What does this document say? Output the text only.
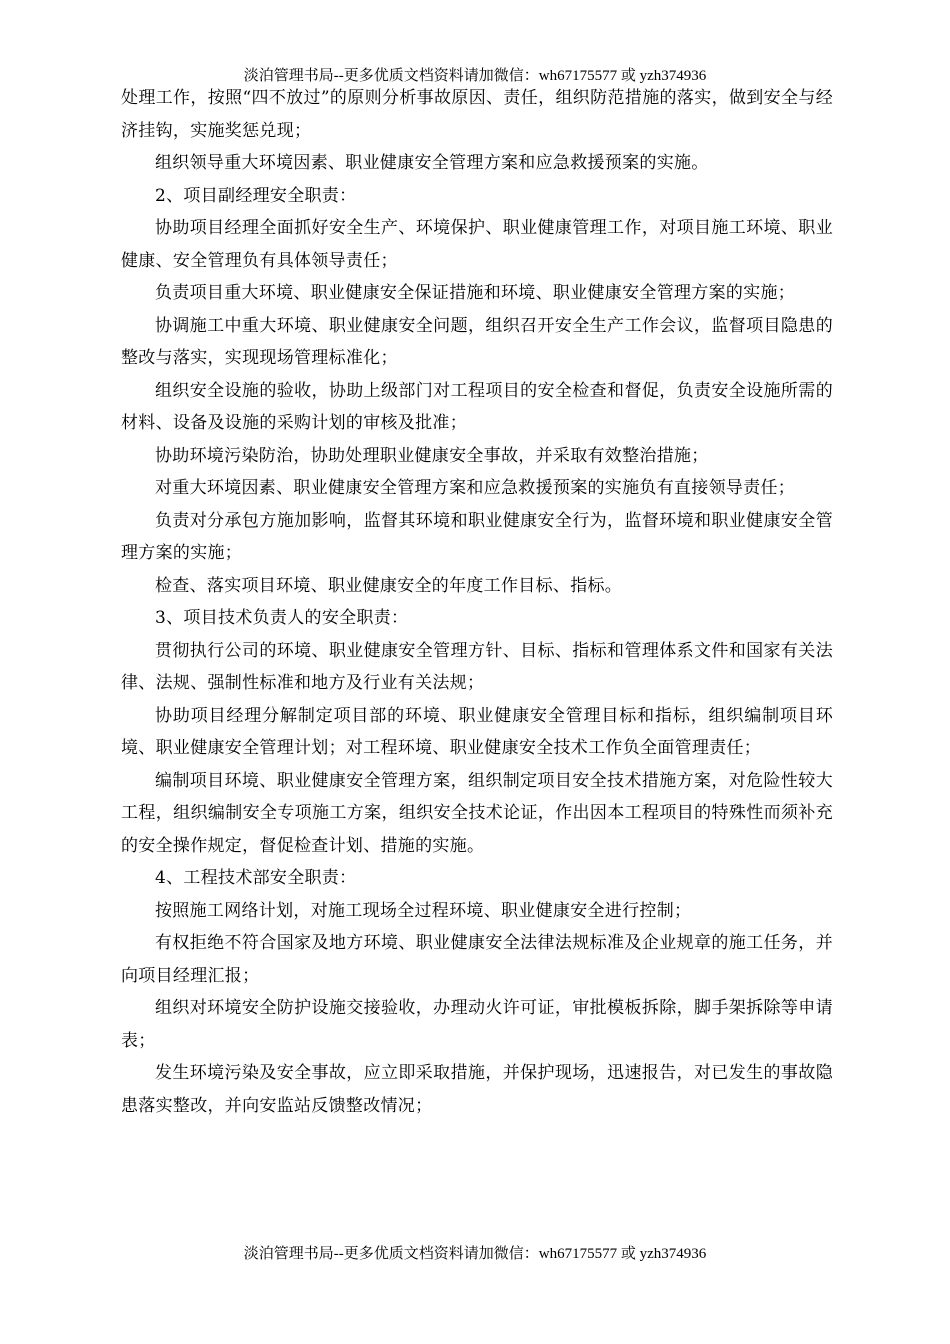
淡泊管理书局--更多优质文档资料请加微信：wh67175577 或 yzh374936

处理工作，按照“四不放过”的原则分析事故原因、责任，组织防范措施的落实，做到安全与经济挂钩，实施奖惩兑现；

组织领导重大环境因素、职业健康安全管理方案和应急救援预案的实施。

2、项目副经理安全职责：

协助项目经理全面抓好安全生产、环境保护、职业健康管理工作，对项目施工环境、职业健康、安全管理负有具体领导责任；

负责项目重大环境、职业健康安全保证措施和环境、职业健康安全管理方案的实施；

协调施工中重大环境、职业健康安全问题，组织召开安全生产工作会议，监督项目隐患的整改与落实，实现现场管理标准化；

组织安全设施的验收，协助上级部门对工程项目的安全检查和督促，负责安全设施所需的材料、设备及设施的采购计划的审核及批准；

协助环境污染防治，协助处理职业健康安全事故，并采取有效整治措施；

对重大环境因素、职业健康安全管理方案和应急救援预案的实施负有直接领导责任；

负责对分承包方施加影响，监督其环境和职业健康安全行为，监督环境和职业健康安全管理方案的实施；

检查、落实项目环境、职业健康安全的年度工作目标、指标。

3、项目技术负责人的安全职责：

贯彻执行公司的环境、职业健康安全管理方针、目标、指标和管理体系文件和国家有关法律、法规、强制性标准和地方及行业有关法规；

协助项目经理分解制定项目部的环境、职业健康安全管理目标和指标，组织编制项目环境、职业健康安全管理计划；对工程环境、职业健康安全技术工作负全面管理责任；

编制项目环境、职业健康安全管理方案，组织制定项目安全技术措施方案，对危险性较大工程，组织编制安全专项施工方案，组织安全技术论证，作出因本工程项目的特殊性而须补充的安全操作规定，督促检查计划、措施的实施。

4、工程技术部安全职责：

按照施工网络计划，对施工现场全过程环境、职业健康安全进行控制；

有权拒绝不符合国家及地方环境、职业健康安全法律法规标准及企业规章的施工任务，并向项目经理汇报；

组织对环境安全防护设施交接验收，办理动火许可证，审批模板拆除，脚手架拆除等申请表；

发生环境污染及安全事故，应立即采取措施，并保护现场，迅速报告，对已发生的事故隐患落实整改，并向安监站反馈整改情况；

淡泊管理书局--更多优质文档资料请加微信：wh67175577 或 yzh374936
